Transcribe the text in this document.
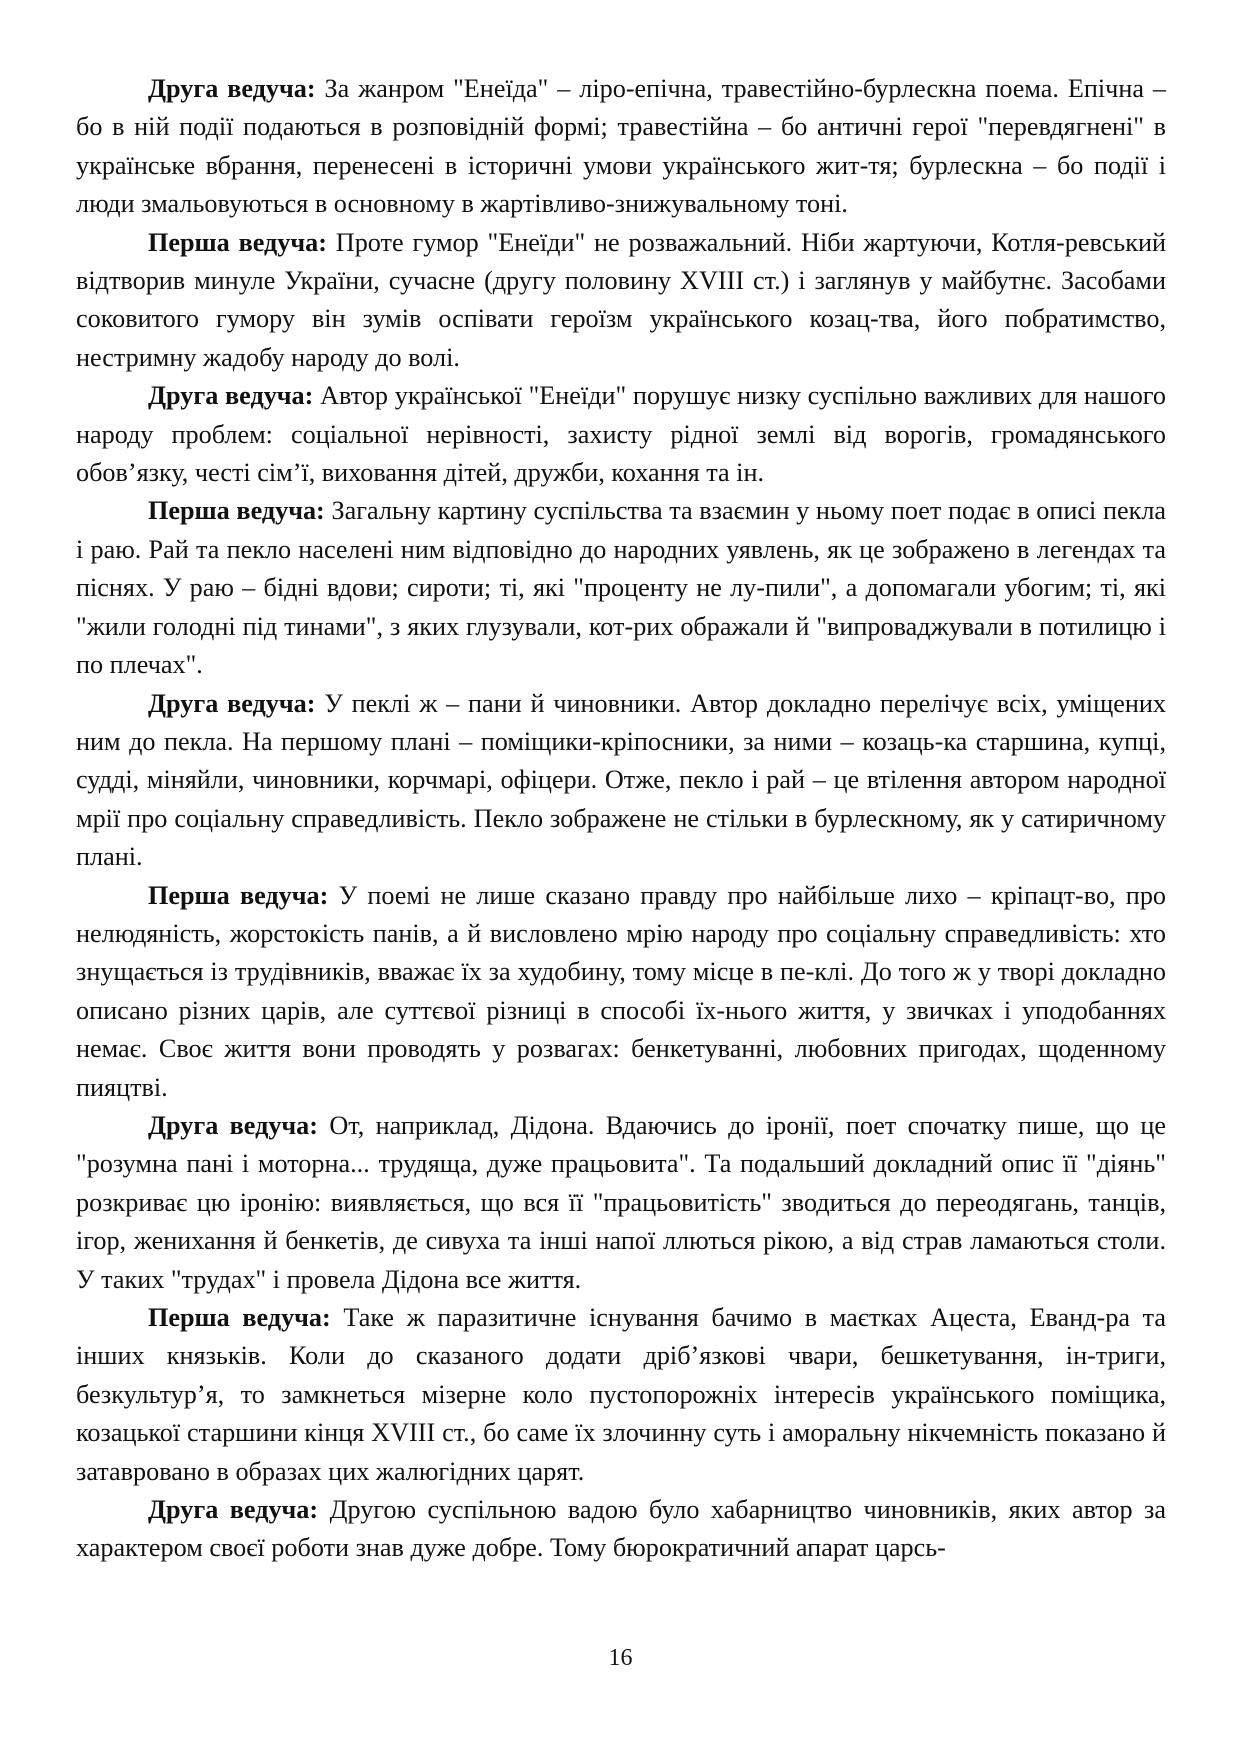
Друга ведуча: За жанром "Енеїда" – ліро-епічна, травестійно-бурлескна поема. Епічна – бо в ній події подаються в розповідній формі; травестійна – бо античні герої "перевдягнені" в українське вбрання, перенесені в історичні умови українського жит-тя; бурлескна – бо події і люди змальовуються в основному в жартівливо-знижувальному тоні.

Перша ведуча: Проте гумор "Енеїди" не розважальний. Ніби жартуючи, Котля-ревський відтворив минуле України, сучасне (другу половину XVIII ст.) і заглянув у майбутнє. Засобами соковитого гумору він зумів оспівати героїзм українського козац-тва, його побратимство, нестримну жадобу народу до волі.

Друга ведуча: Автор української "Енеїди" порушує низку суспільно важливих для нашого народу проблем: соціальної нерівності, захисту рідної землі від ворогів, громадянського обов’язку, честі сім’ї, виховання дітей, дружби, кохання та ін.

Перша ведуча: Загальну картину суспільства та взаємин у ньому поет подає в описі пекла і раю. Рай та пекло населені ним відповідно до народних уявлень, як це зображено в легендах та піснях. У раю – бідні вдови; сироти; ті, які "проценту не лу-пили", а допомагали убогим; ті, які "жили голодні під тинами", з яких глузували, кот-рих ображали й "випроваджували в потилицю і по плечах".

Друга ведуча: У пеклі ж – пани й чиновники. Автор докладно перелічує всіх, уміщених ним до пекла. На першому плані – поміщики-кріпосники, за ними – козаць-ка старшина, купці, судді, міняйли, чиновники, корчмарі, офіцери. Отже, пекло і рай – це втілення автором народної мрії про соціальну справедливість. Пекло зображене не стільки в бурлескному, як у сатиричному плані.

Перша ведуча: У поемі не лише сказано правду про найбільше лихо – кріпацт-во, про нелюдяність, жорстокість панів, а й висловлено мрію народу про соціальну справедливість: хто знущається із трудівників, вважає їх за худобину, тому місце в пе-клі. До того ж у творі докладно описано різних царів, але суттєвої різниці в способі їх-нього життя, у звичках і уподобаннях немає. Своє життя вони проводять у розвагах: бенкетуванні, любовних пригодах, щоденному пияцтві.

Друга ведуча: От, наприклад, Дідона. Вдаючись до іронії, поет спочатку пише, що це "розумна пані і моторна... трудяща, дуже працьовита". Та подальший докладний опис її "діянь" розкриває цю іронію: виявляється, що вся її "працьовитість" зводиться до переодягань, танців, ігор, женихання й бенкетів, де сивуха та інші напої ллються рікою, а від страв ламаються столи. У таких "трудах" і провела Дідона все життя.

Перша ведуча: Таке ж паразитичне існування бачимо в маєтках Ацеста, Еванд-ра та інших князьків. Коли до сказаного додати дріб’язкові чвари, бешкетування, ін-триги, безкультур’я, то замкнеться мізерне коло пустопорожніх інтересів українського поміщика, козацької старшини кінця XVIII ст., бо саме їх злочинну суть і аморальну нікчемність показано й затавровано в образах цих жалюгідних царят.

Друга ведуча: Другою суспільною вадою було хабарництво чиновників, яких автор за характером своєї роботи знав дуже добре. Тому бюрократичний апарат царсь-

16
